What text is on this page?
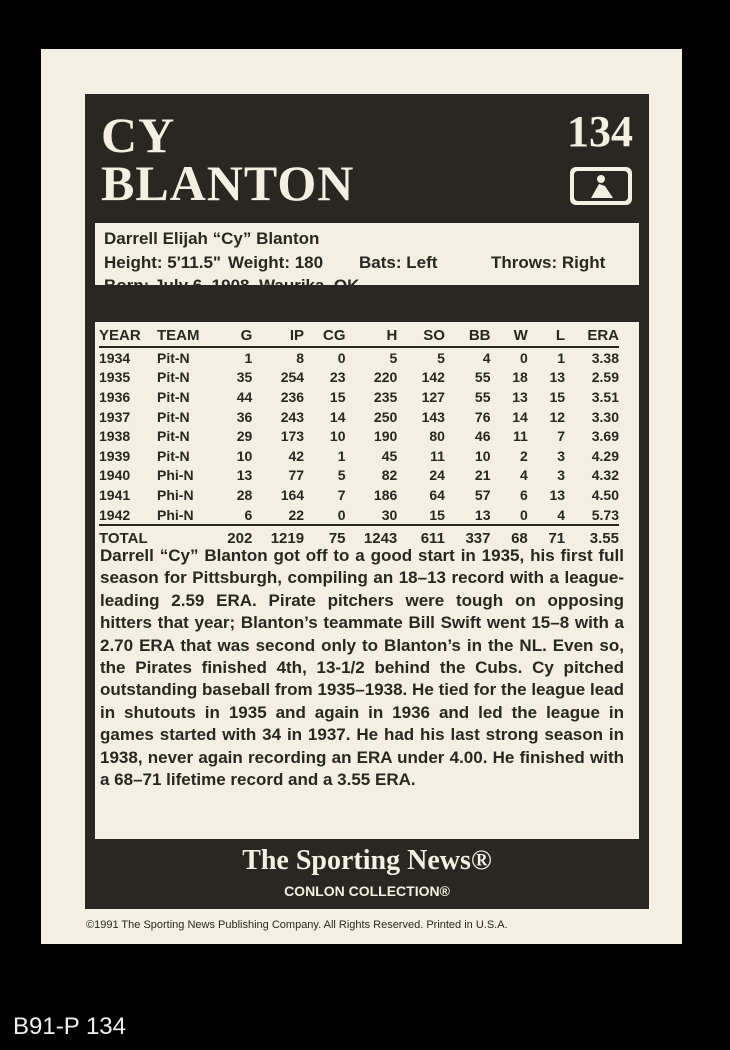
CY
BLANTON
134
Darrell Elijah “Cy” Blanton
Height: 5'11.5" Weight: 180 Bats: Left	Throws: Right
YEAR	TEAM	G	IP	CG	H	SO	BB	W	L	ERA
1934	Pit-N	1	8	0	5	5	4	0	1	3.38
1935	Pit-N	35	254	23	220	142	55	18	13	2.59
1936	Pit-N	44	236	15	235	127	55	13	15	3.51
1937	Pit-N	36	243	14	250	143	76	14	12	3.30
1938	Pit-N	29	173	10	190	80	46	11	7	3.69
1939	Pit-N	10	42	1	45	11	10	2	3	4.29
1940	Phi-N	13	77	5	82	24	21	4	3	4.32
1941	Phi-N	28	164	7	186	64	57	6	13	4.50
1942	Phi-N	6	22	0	30	15	13	0	4	5.73
TOTAL		202	1219	75	1243	611	337	68	71	3.55
Darrell “Cy” Blanton got off to a good start in 1935, his first full season for Pittsburgh, compiling an 18–13 record with a league-leading 2.59 ERA. Pirate pitchers were tough on opposing hitters that year; Blanton’s teammate Bill Swift went 15–8 with a 2.70 ERA that was second only to Blanton’s in the NL. Even so, the Pirates finished 4th, 13-1/2 behind the Cubs. Cy pitched outstanding baseball from 1935–1938. He tied for the league lead in shutouts in 1935 and again in 1936 and led the league in games started with 34 in 1937. He had his last strong season in 1938, never again recording an ERA under 4.00. He finished with a 68–71 lifetime record and a 3.55 ERA.
The Sporting News®
CONLON COLLECTION®
©1991 The Sporting News Publishing Company. All Rights Reserved. Printed in U.S.A.
B91-P 134
